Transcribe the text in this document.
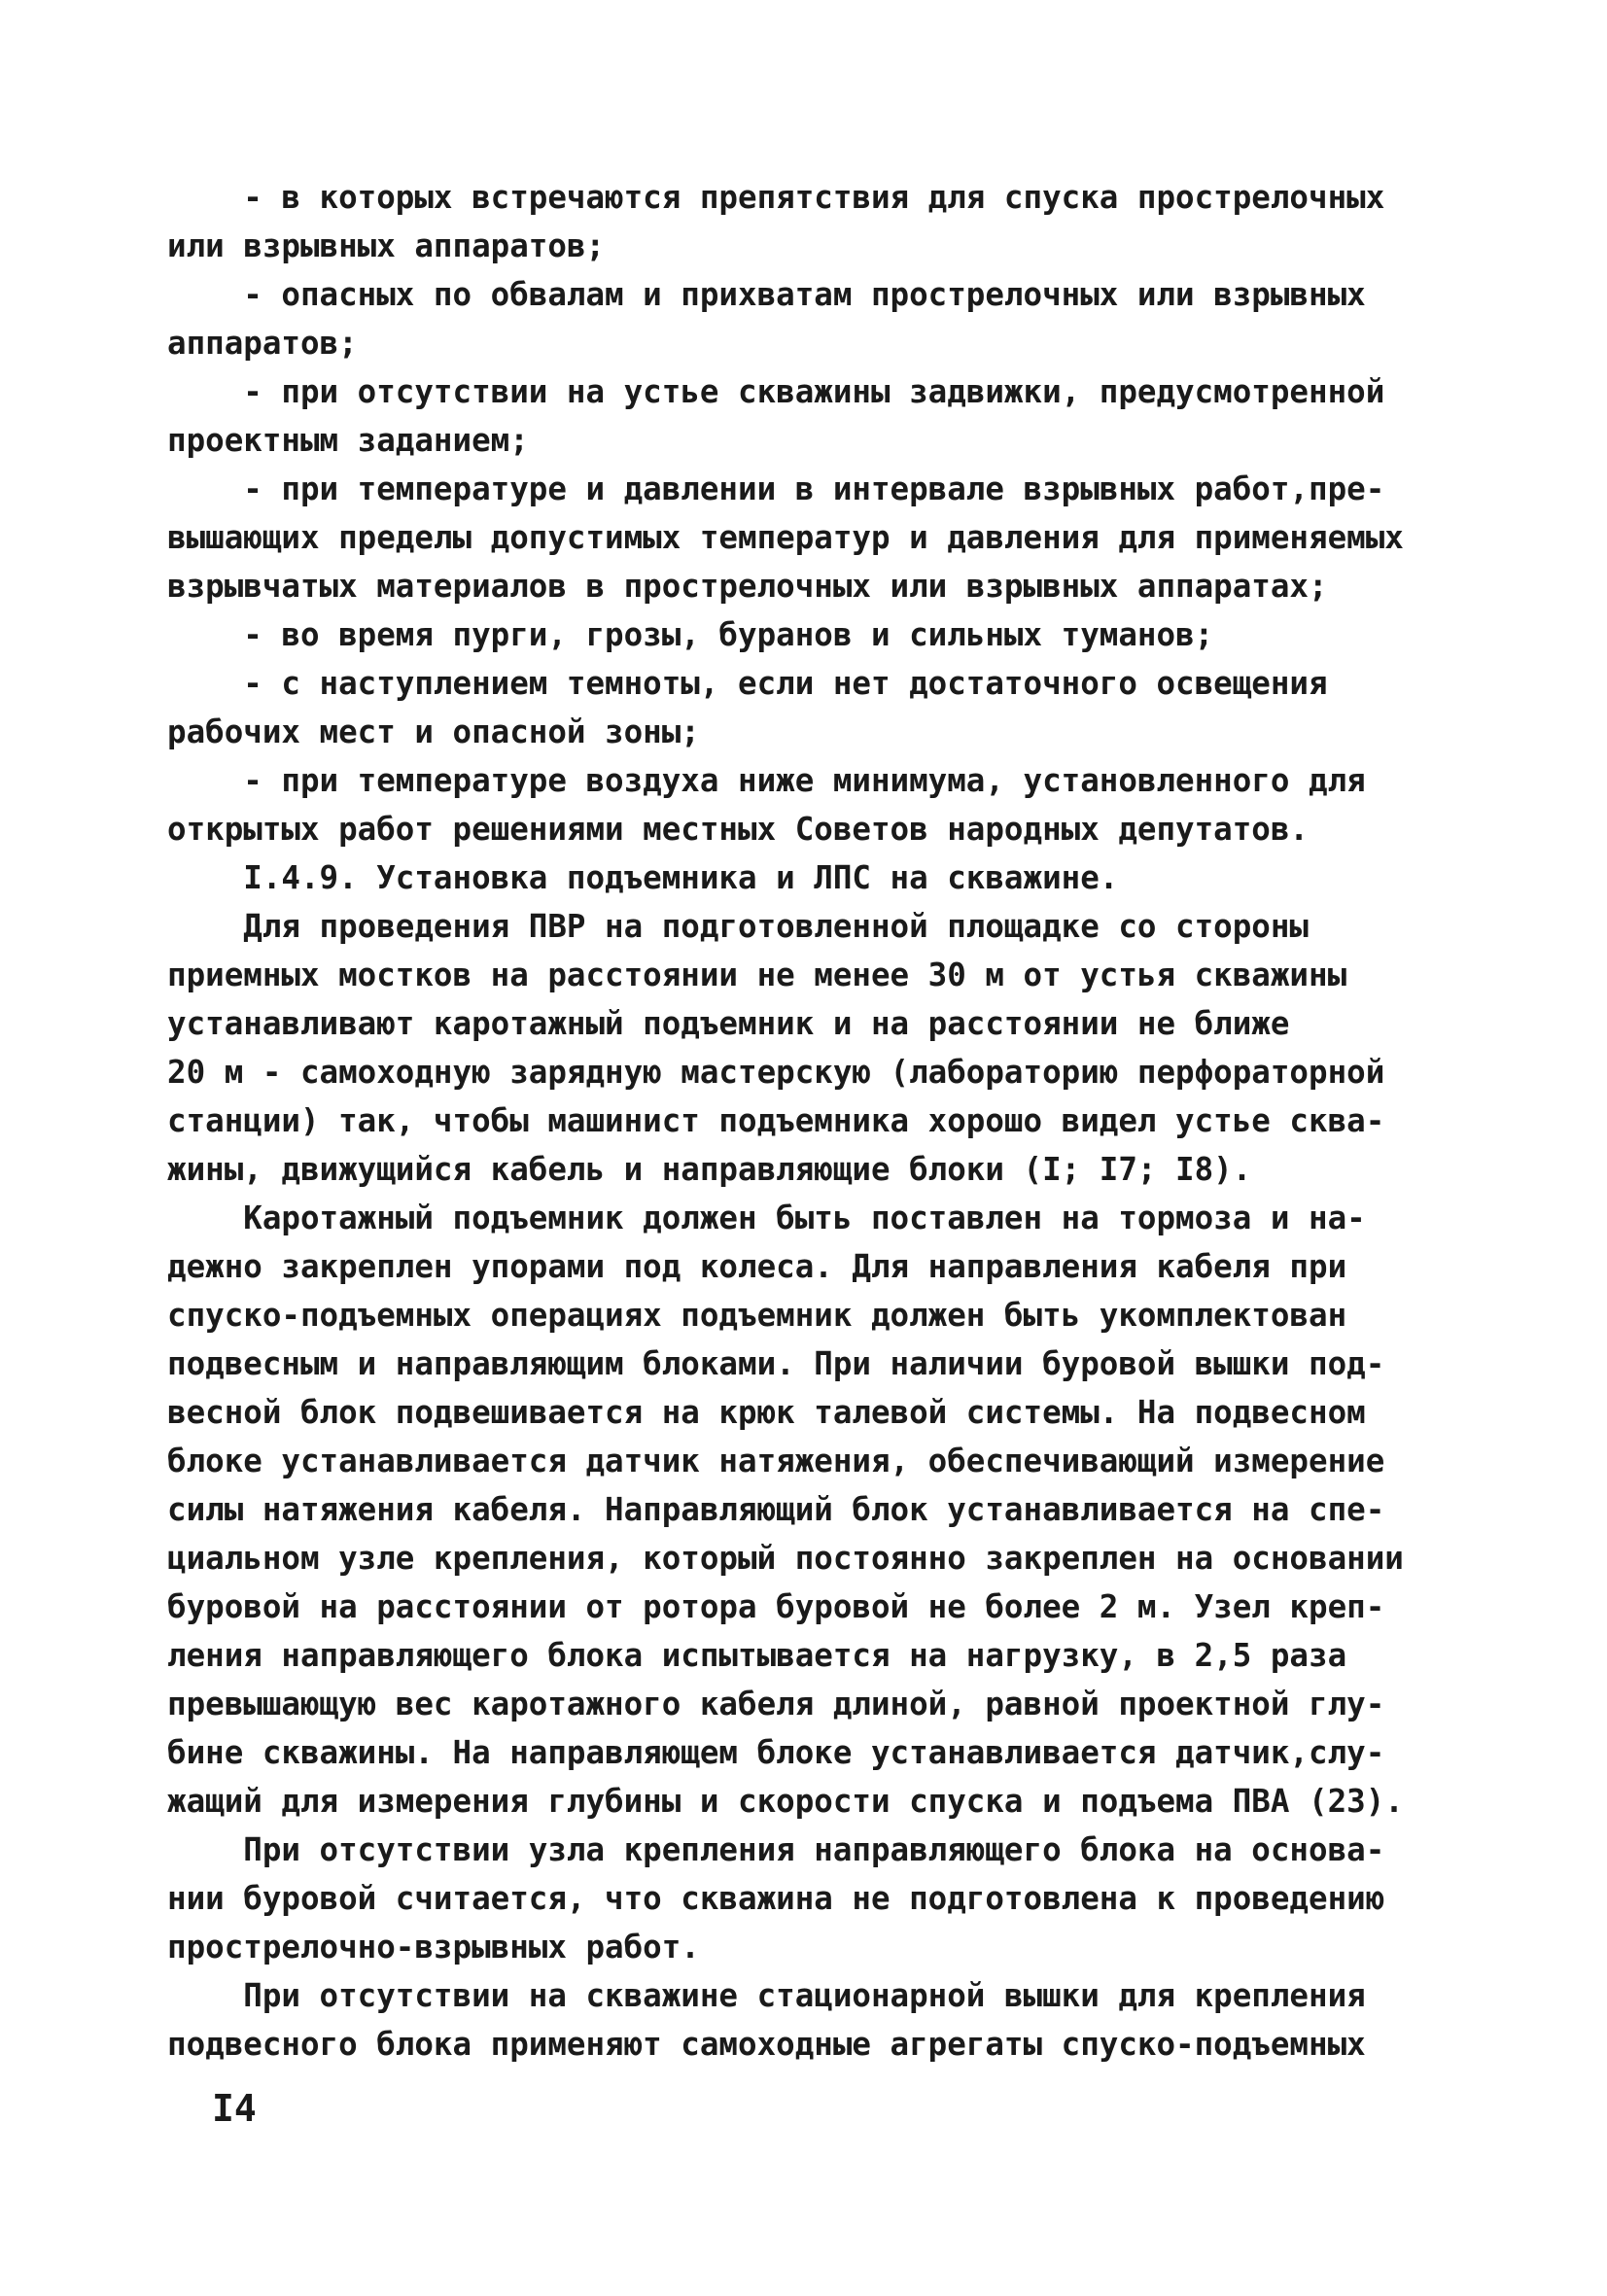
- в которых встречаются препятствия для спуска прострелочных
или взрывных аппаратов;
- опасных по обвалам и прихватам прострелочных или взрывных
аппаратов;
- при отсутствии на устье скважины задвижки, предусмотренной
проектным заданием;
- при температуре и давлении в интервале взрывных работ,пре-
вышающих пределы допустимых температур и давления для применяемых
взрывчатых материалов в прострелочных или взрывных аппаратах;
- во время пурги, грозы, буранов и сильных туманов;
- с наступлением темноты, если нет достаточного освещения
рабочих мест и опасной зоны;
- при температуре воздуха ниже минимума, установленного для
открытых работ решениями местных Советов народных депутатов.
I.4.9. Установка подъемника и ЛПС на скважине.
Для проведения ПВР на подготовленной площадке со стороны
приемных мостков на расстоянии не менее 30 м от устья скважины
устанавливают каротажный подъемник и на расстоянии не ближе
20 м - самоходную зарядную мастерскую (лабораторию перфораторной
станции) так, чтобы машинист подъемника хорошо видел устье сква-
жины, движущийся кабель и направляющие блоки (I; I7; I8).
Каротажный подъемник должен быть поставлен на тормоза и на-
дежно закреплен упорами под колеса. Для направления кабеля при
спуско-подъемных операциях подъемник должен быть укомплектован
подвесным и направляющим блоками. При наличии буровой вышки под-
весной блок подвешивается на крюк талевой системы. На подвесном
блоке устанавливается датчик натяжения, обеспечивающий измерение
силы натяжения кабеля. Направляющий блок устанавливается на спе-
циальном узле крепления, который постоянно закреплен на основании
буровой на расстоянии от ротора буровой не более 2 м. Узел креп-
ления направляющего блока испытывается на нагрузку, в 2,5 раза
превышающую вес каротажного кабеля длиной, равной проектной глу-
бине скважины. На направляющем блоке устанавливается датчик,слу-
жащий для измерения глубины и скорости спуска и подъема ПВА (23).
При отсутствии узла крепления направляющего блока на основа-
нии буровой считается, что скважина не подготовлена к проведению
прострелочно-взрывных работ.
При отсутствии на скважине стационарной вышки для крепления
подвесного блока применяют самоходные агрегаты спуско-подъемных
I4
